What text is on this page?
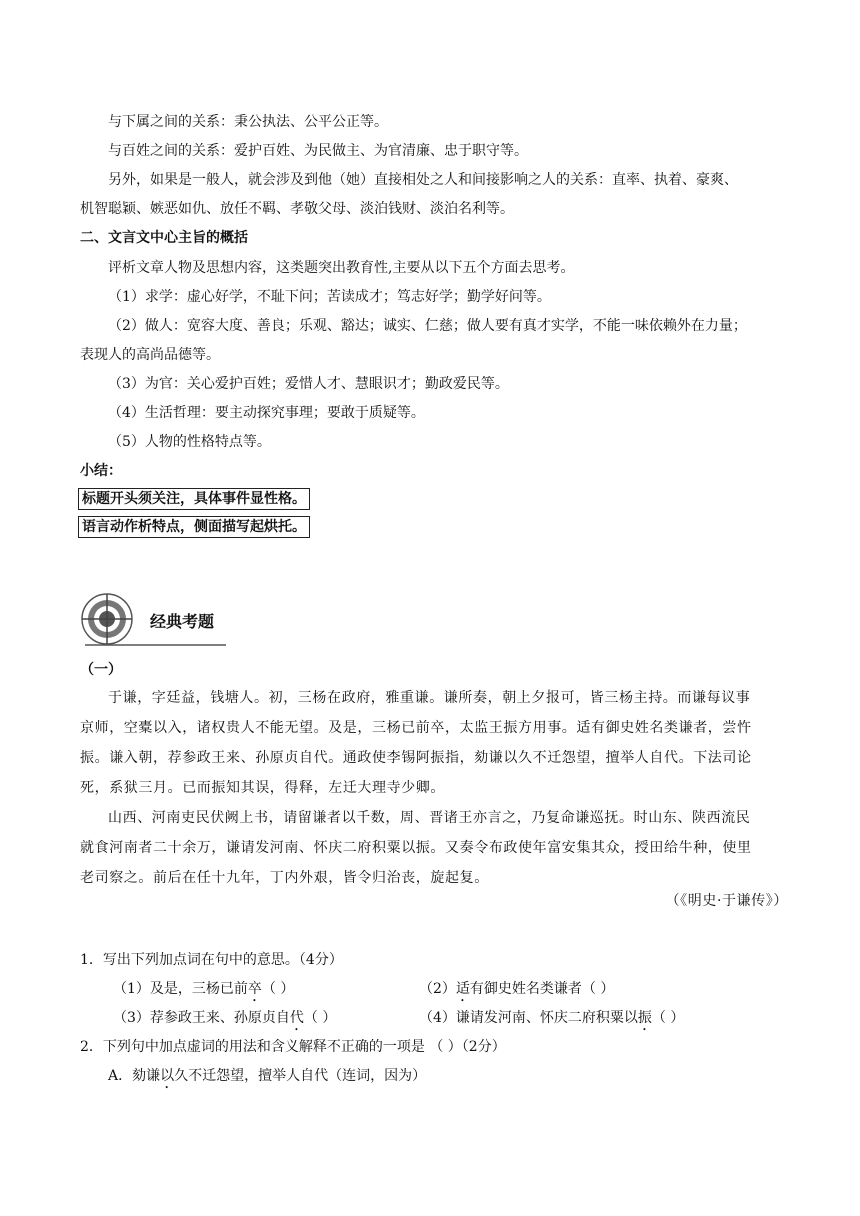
与下属之间的关系：秉公执法、公平公正等。
与百姓之间的关系：爱护百姓、为民做主、为官清廉、忠于职守等。
另外，如果是一般人，就会涉及到他（她）直接相处之人和间接影响之人的关系：直率、执着、豪爽、
机智聪颖、嫉恶如仇、放任不羁、孝敬父母、淡泊钱财、淡泊名利等。
二、文言文中心主旨的概括
评析文章人物及思想内容，这类题突出教育性,主要从以下五个方面去思考。
（1）求学：虚心好学，不耻下问；苦读成才；笃志好学；勤学好问等。
（2）做人：宽容大度、善良；乐观、豁达；诚实、仁慈；做人要有真才实学，不能一味依赖外在力量；
表现人的高尚品德等。
（3）为官：关心爱护百姓；爱惜人才、慧眼识才；勤政爱民等。
（4）生活哲理：要主动探究事理；要敢于质疑等。
（5）人物的性格特点等。
小结：
标题开头须关注，具体事件显性格。
语言动作析特点，侧面描写起烘托。
经典考题
（一）
于谦，字廷益，钱塘人。初，三杨在政府，雅重谦。谦所奏，朝上夕报可，皆三杨主持。而谦每议事
京师，空橐以入，诸权贵人不能无望。及是，三杨已前卒，太监王振方用事。适有御史姓名类谦者，尝忤
振。谦入朝，荐参政王来、孙原贞自代。通政使李锡阿振指，劾谦以久不迁怨望，擅举人自代。下法司论
死，系狱三月。已而振知其误，得释，左迁大理寺少卿。
山西、河南吏民伏阙上书，请留谦者以千数，周、晋诸王亦言之，乃复命谦巡抚。时山东、陕西流民
就食河南者二十余万，谦请发河南、怀庆二府积粟以振。又奏令布政使年富安集其众，授田给牛种，使里
老司察之。前后在任十九年，丁内外艰，皆令归治丧，旋起复。
（《明史·于谦传》）
1．写出下列加点词在句中的意思。（4分）
（1）及是，三杨已前卒（ ）	（2）适有御史姓名类谦者（ ）
（3）荐参政王来、孙原贞自代（ ）	（4）谦请发河南、怀庆二府积粟以振（ ）
2．下列句中加点虚词的用法和含义解释不正确的一项是 （ ）（2分）
A．劾谦以久不迁怨望，擅举人自代（连词，因为）
